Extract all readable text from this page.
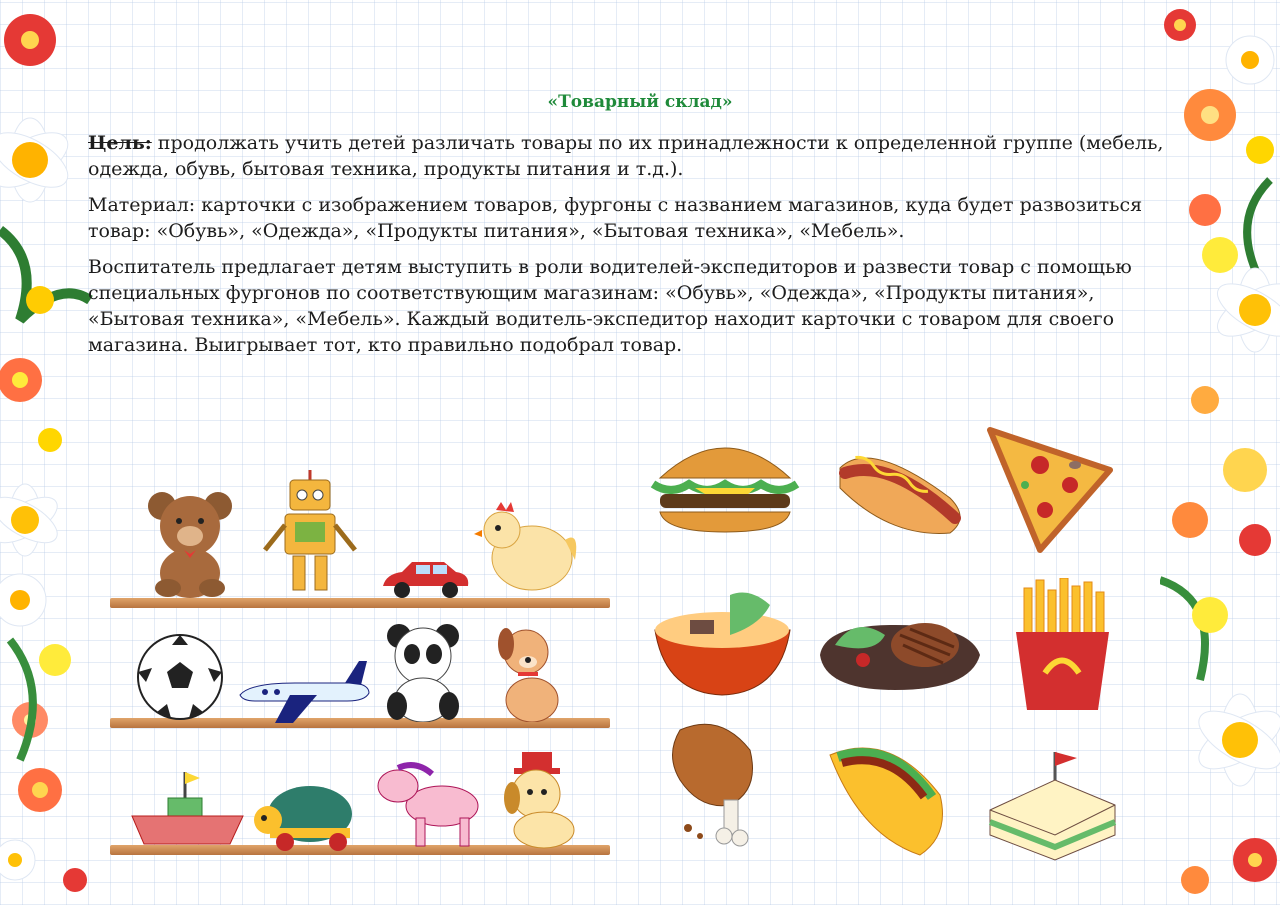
«Товарный склад»

Цель: продолжать учить детей различать товары по их принадлежности к определенной группе (мебель, одежда, обувь, бытовая техника, продукты питания и т.д.).

Материал: карточки с изображением товаров, фургоны с названием магазинов, куда будет развозиться товар: «Обувь», «Одежда», «Продукты питания», «Бытовая техника», «Мебель».

Воспитатель предлагает детям выступить в роли водителей-экспедиторов и развести товар с помощью специальных фургонов по соответствующим магазинам: «Обувь», «Одежда», «Продукты питания», «Бытовая техника», «Мебель». Каждый водитель-экспедитор находит карточки с товаром для своего магазина. Выигрывает тот, кто правильно подобрал товар.
